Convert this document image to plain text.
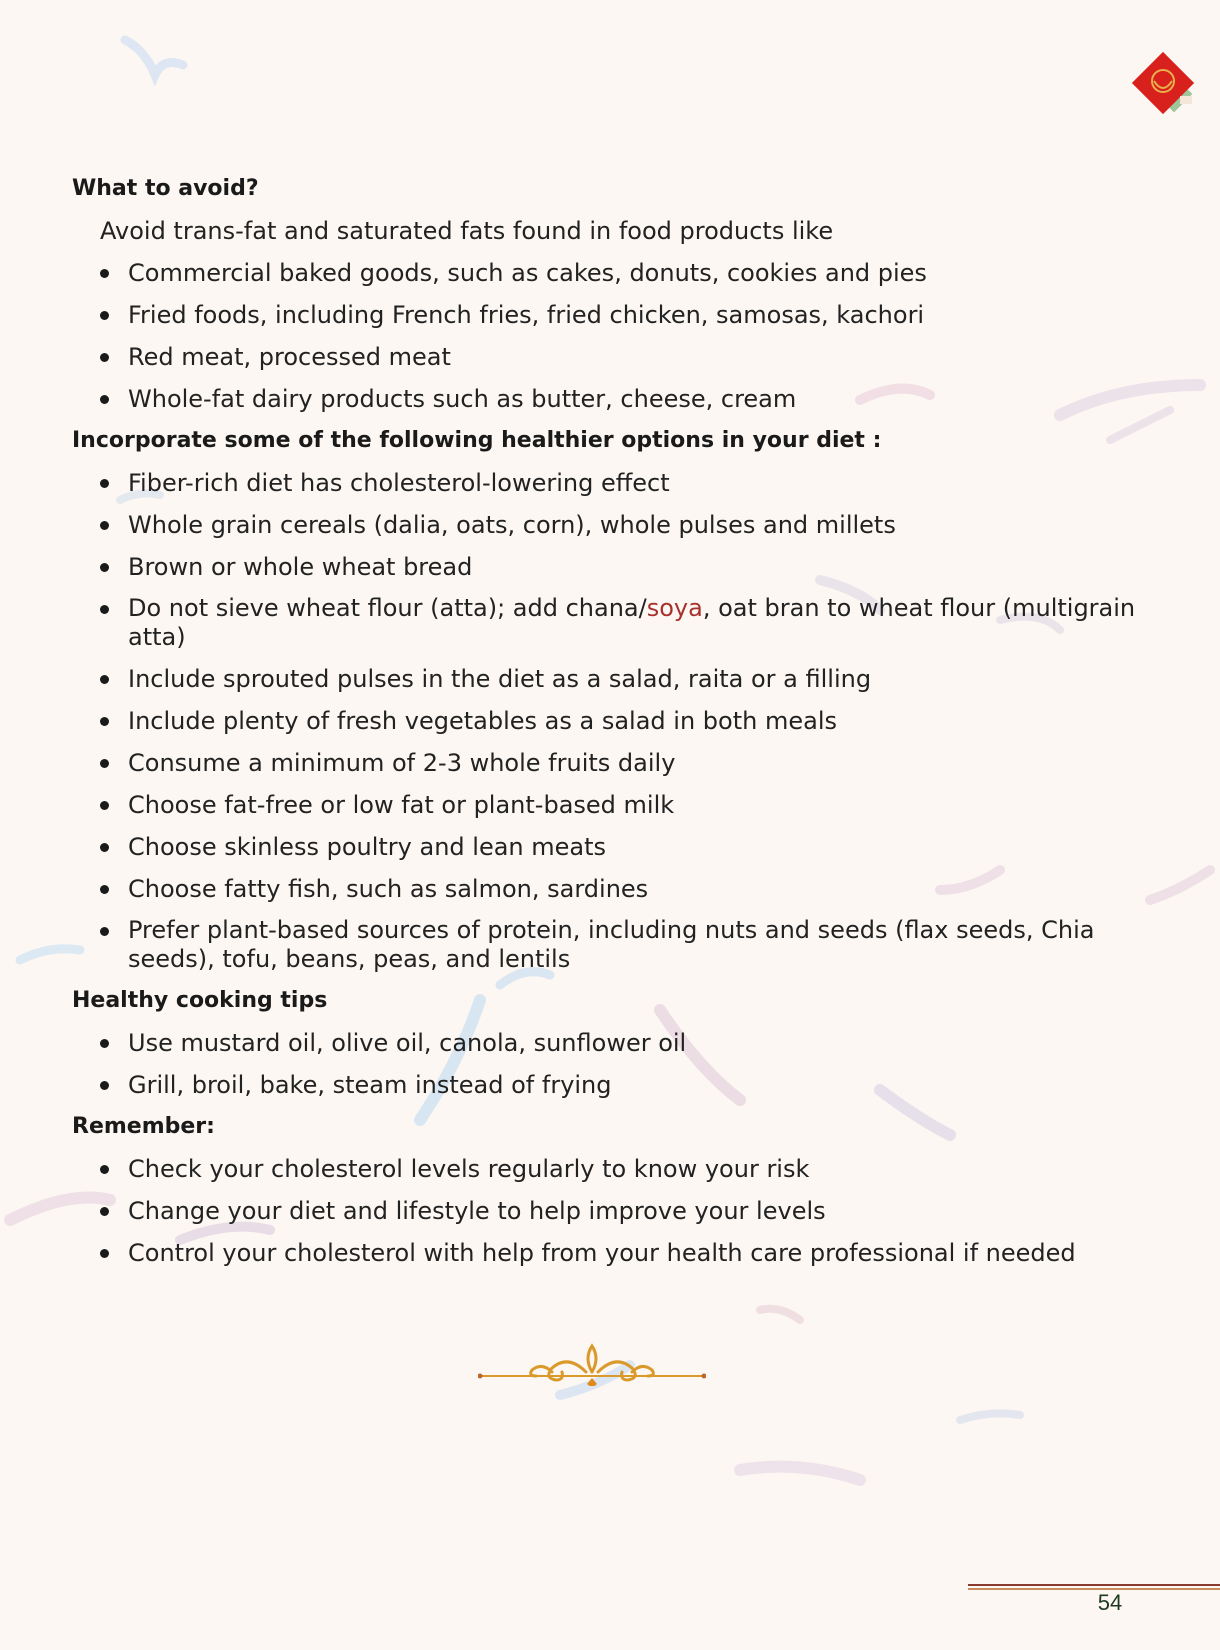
What to avoid?

Avoid trans-fat and saturated fats found in food products like

Commercial baked goods, such as cakes, donuts, cookies and pies
Fried foods, including French fries, fried chicken, samosas, kachori
Red meat, processed meat
Whole-fat dairy products such as butter, cheese, cream
Incorporate some of the following healthier options in your diet :
Fiber-rich diet has cholesterol-lowering effect
Whole grain cereals (dalia, oats, corn), whole pulses and millets
Brown or whole wheat bread
Do not sieve wheat flour (atta); add chana/soya, oat bran to wheat flour (multigrain atta)
Include sprouted pulses in the diet as a salad, raita or a filling
Include plenty of fresh vegetables as a salad in both meals
Consume a minimum of 2-3 whole fruits daily
Choose fat-free or low fat or plant-based milk
Choose skinless poultry and lean meats
Choose fatty fish, such as salmon, sardines
Prefer plant-based sources of protein, including nuts and seeds (flax seeds, Chia seeds), tofu, beans, peas, and lentils
Healthy cooking tips
Use mustard oil, olive oil, canola, sunflower oil
Grill, broil, bake, steam instead of frying
Remember:
Check your cholesterol levels regularly to know your risk
Change your diet and lifestyle to help improve your levels
Control your cholesterol with help from your health care professional if needed
54
